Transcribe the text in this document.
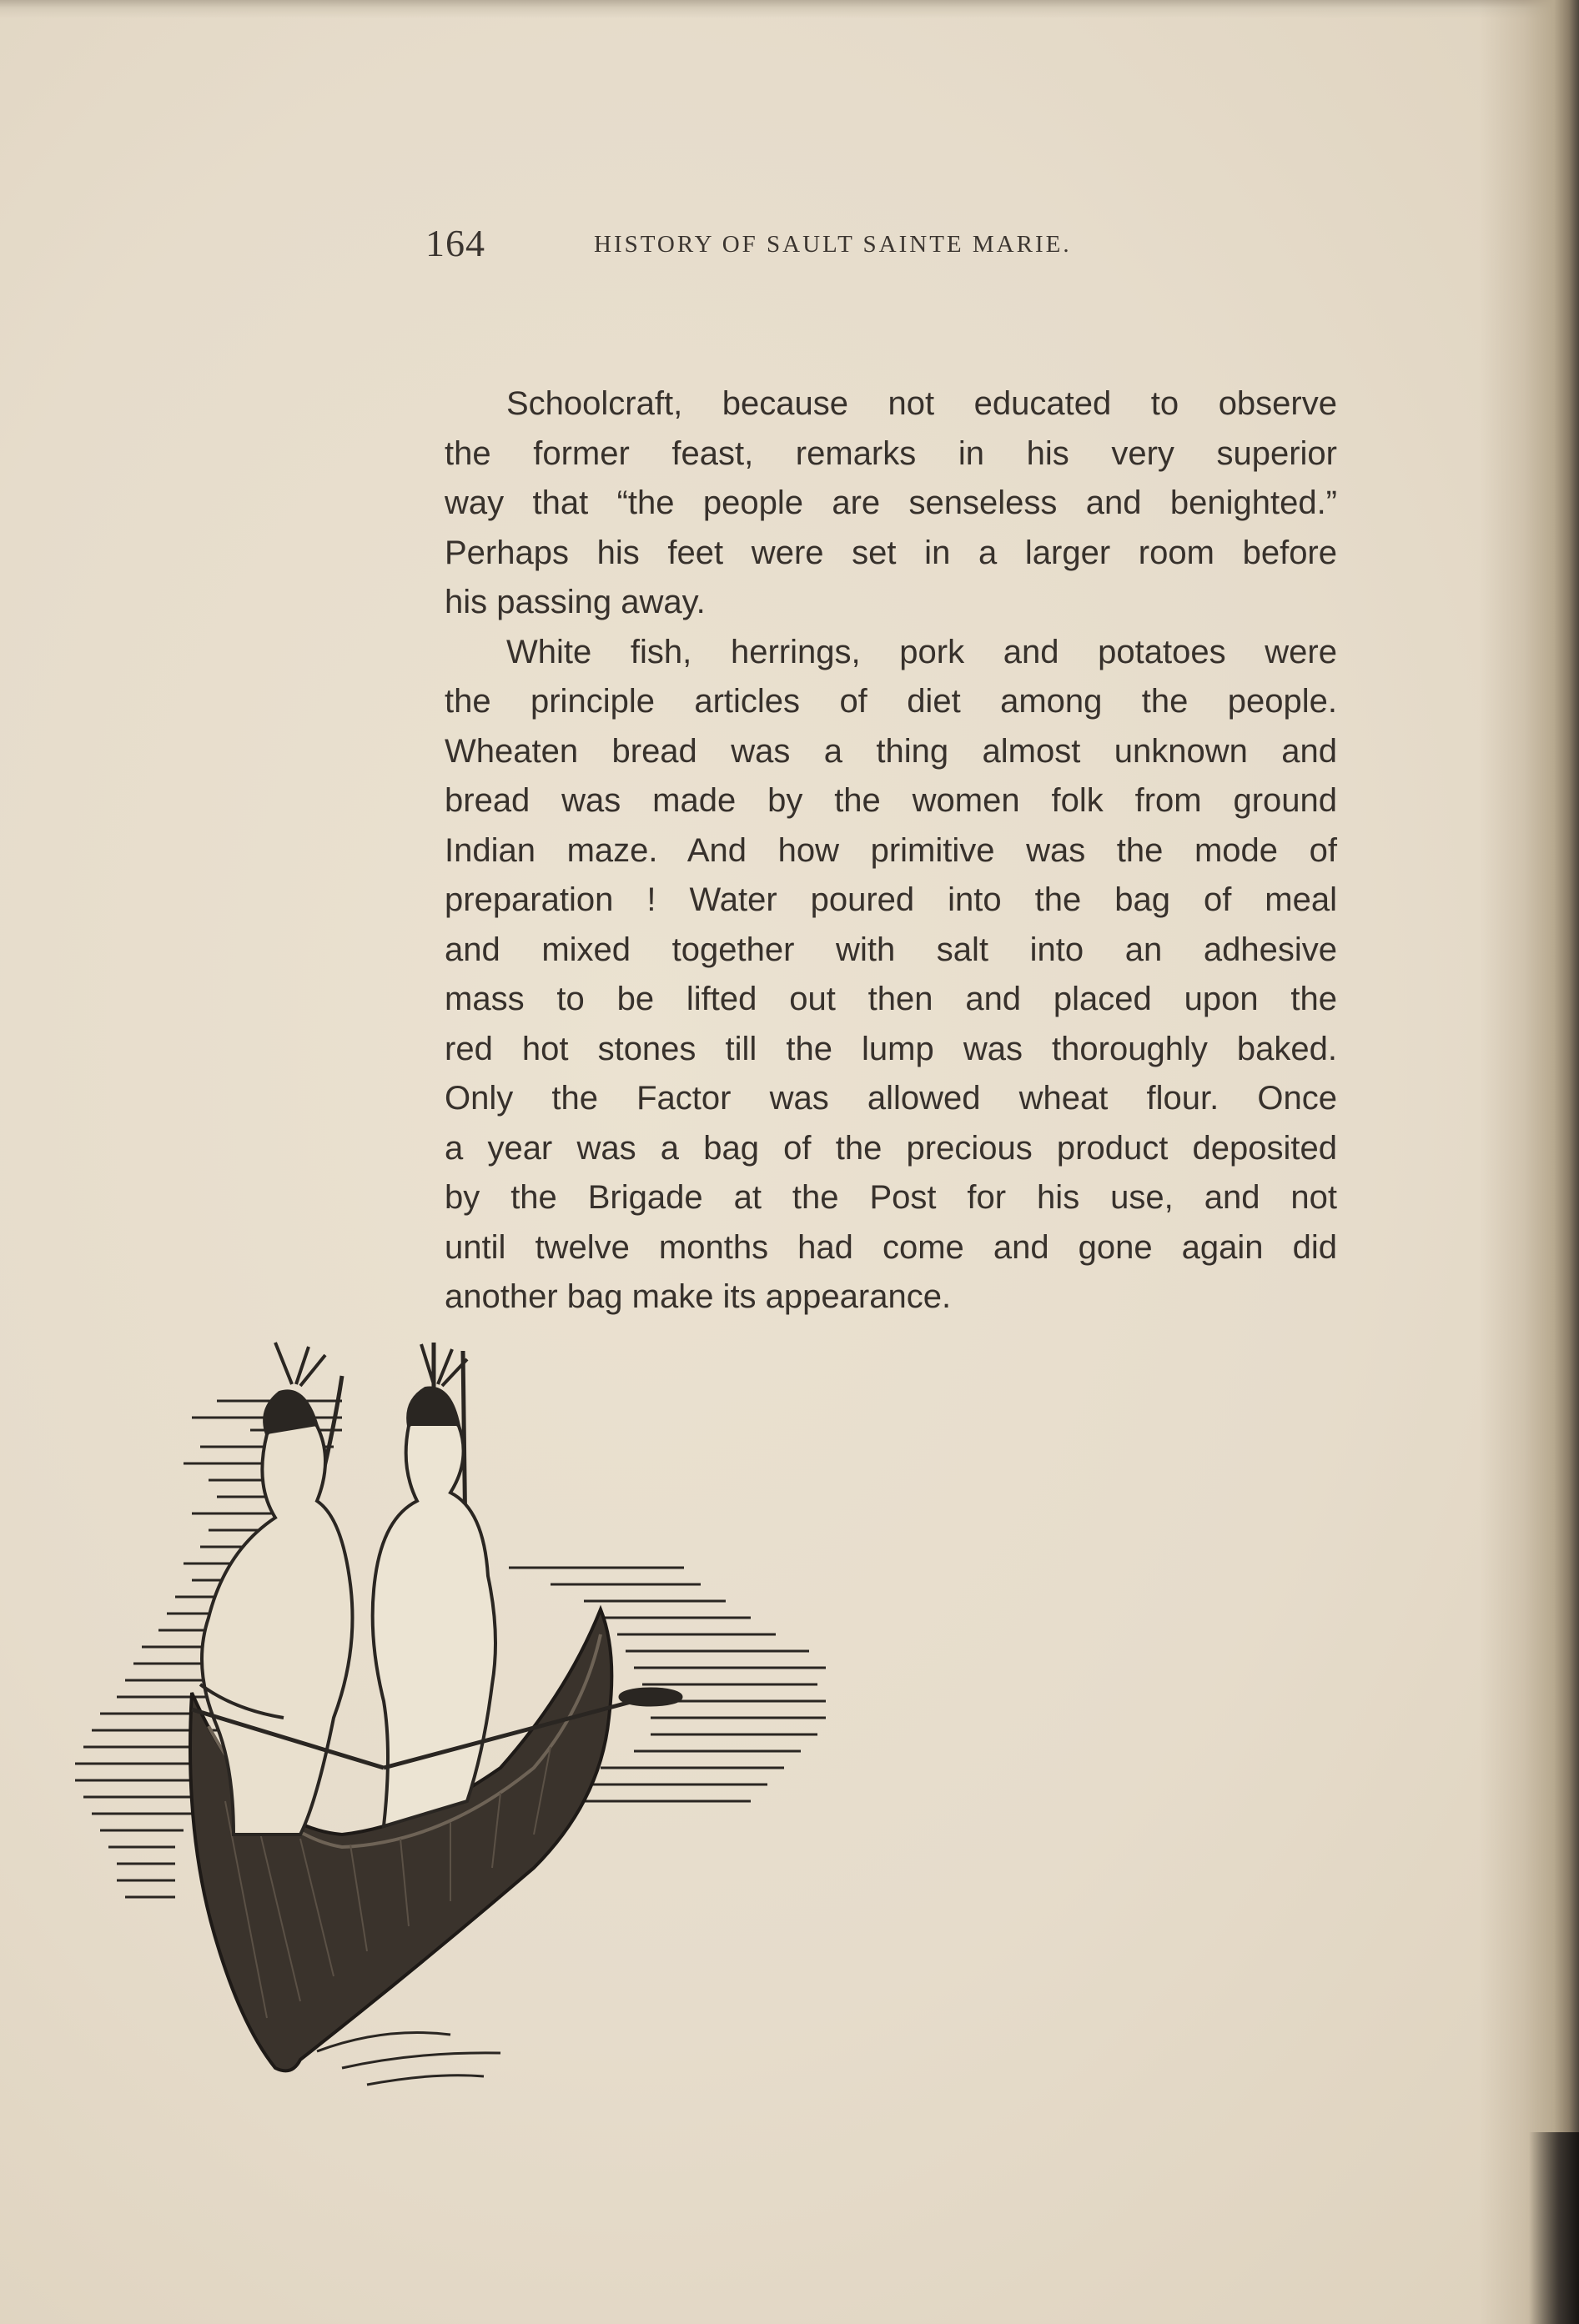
164	HISTORY OF SAULT SAINTE MARIE.
Schoolcraft, because not educated to observe
the former feast, remarks in his very superior
way that “the people are senseless and benighted.”
Perhaps his feet were set in a larger room before
his passing away.
White fish, herrings, pork and potatoes were
the principle articles of diet among the people.
Wheaten bread was a thing almost unknown and
bread was made by the women folk from ground
Indian maze. And how primitive was the mode of
preparation ! Water poured into the bag of meal
and mixed together with salt into an adhesive
mass to be lifted out then and placed upon the
red hot stones till the lump was thoroughly baked.
Only the Factor was allowed wheat flour. Once
a year was a bag of the precious product deposited
by the Brigade at the Post for his use, and not
until twelve months had come and gone again did
another bag make its appearance.
